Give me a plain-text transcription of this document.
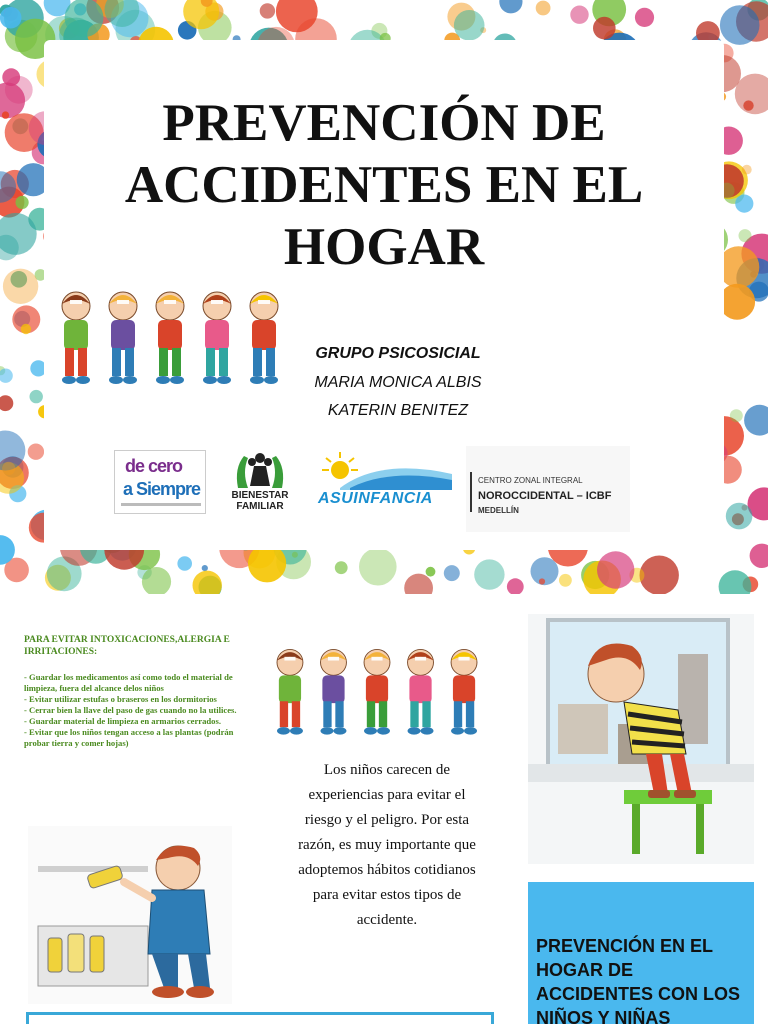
PREVENCIÓN DE
ACCIDENTES EN EL
HOGAR
GRUPO PSICOSICIAL
MARIA MONICA ALBIS
KATERIN BENITEZ
de cero
a Siempre	BIENESTAR FAMILIAR	ASUINFANCIA
CENTRO ZONAL INTEGRAL
NOROCCIDENTAL – ICBF
MEDELLÍN
PARA EVITAR INTOXICACIONES,ALERGIA E IRRITACIONES:
- Guardar los medicamentos así como todo el material de limpieza, fuera del alcance delos niños
- Evitar utilizar estufas o braseros en los dormitorios
- Cerrar bien la llave del paso de gas cuando no la utilices.
- Guardar material de limpieza en armarios cerrados.
- Evitar que los niños tengan acceso a las plantas (podrán probar tierra y comer hojas)

Los niños carecen de experiencias para evitar el riesgo y el peligro. Por esta razón, es muy importante que adoptemos hábitos cotidianos para evitar estos tipos de accidente.

PREVENCIÓN EN EL HOGAR DE ACCIDENTES CON LOS NIÑOS Y NIÑAS
